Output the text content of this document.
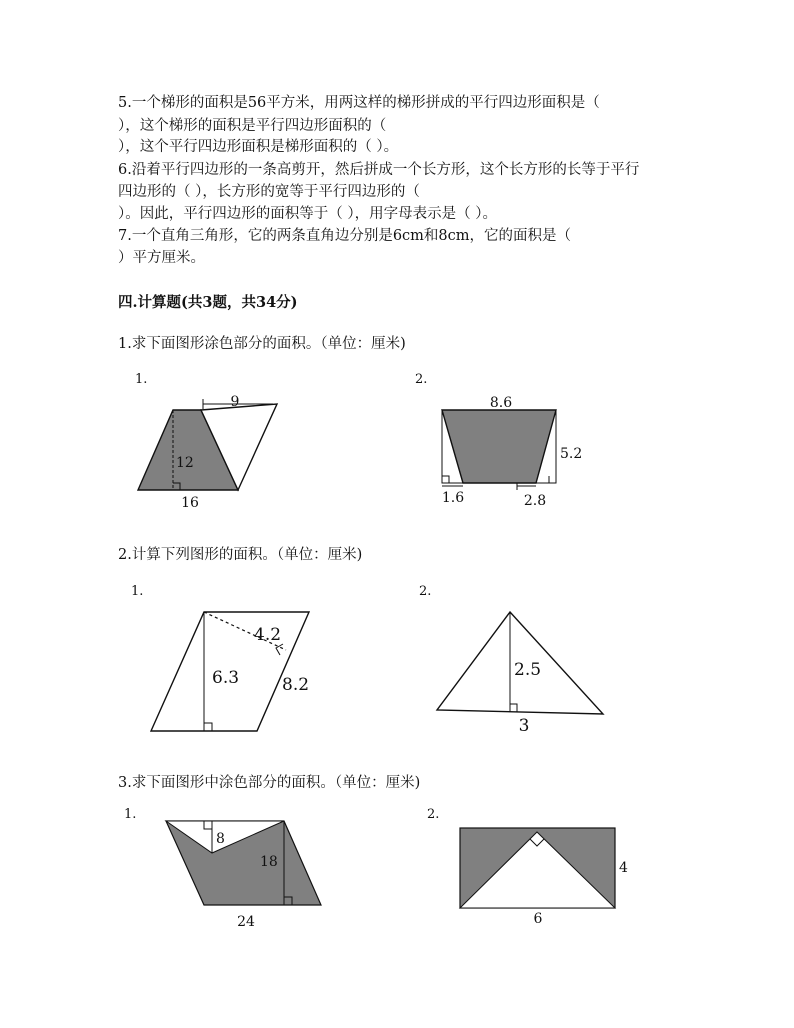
5.一个梯形的面积是56平方米，用两这样的梯形拼成的平行四边形面积是（
），这个梯形的面积是平行四边形面积的（
），这个平行四边形面积是梯形面积的（ ）。
6.沿着平行四边形的一条高剪开，然后拼成一个长方形，这个长方形的长等于平行
四边形的（ ），长方形的宽等于平行四边形的（
）。因此，平行四边形的面积等于（ ），用字母表示是（ ）。
7.一个直角三角形，它的两条直角边分别是6cm和8cm，它的面积是（
）平方厘米。
四.计算题(共3题，共34分)
1.求下面图形涂色部分的面积。（单位：厘米)
1.	2.
9
12
16
8.6
5.2
1.6	2.8
4.2
6.3	8.2
2.5
3
8
18
24
4
6
2.计算下列图形的面积。（单位：厘米)
1.	2.
3.求下面图形中涂色部分的面积。（单位：厘米)
1.	2.
